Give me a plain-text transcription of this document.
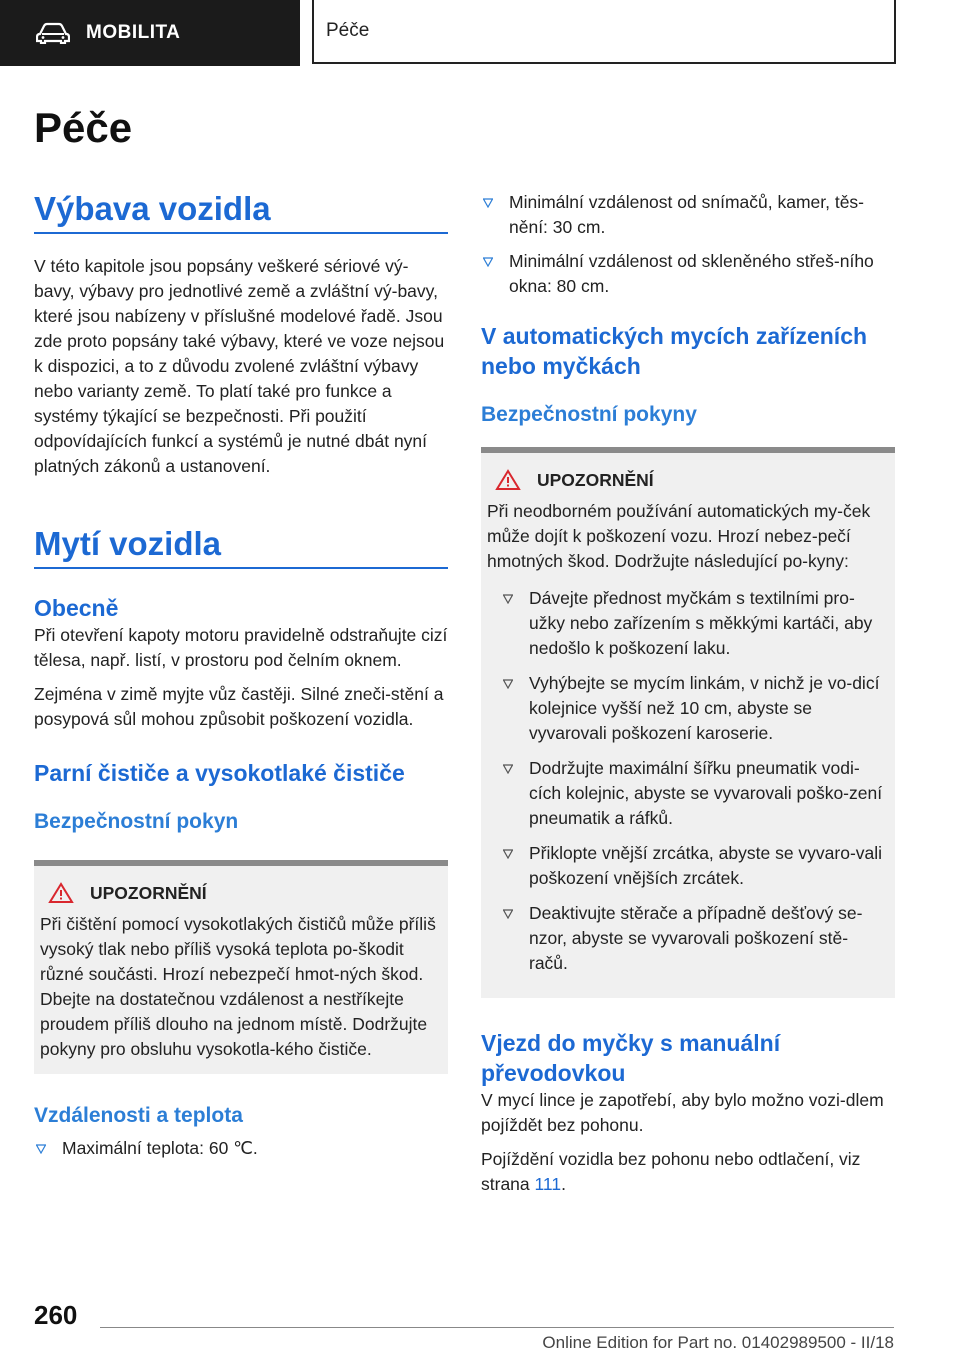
MOBILITA	Péče
Péče
Výbava vozidla

V této kapitole jsou popsány veškeré sériové vý-bavy, výbavy pro jednotlivé země a zvláštní vý-bavy, které jsou nabízeny v příslušné modelové řadě. Jsou zde proto popsány také výbavy, které ve voze nejsou k dispozici, a to z důvodu zvolené zvláštní výbavy nebo varianty země. To platí také pro funkce a systémy týkající se bezpečnosti. Při použití odpovídajících funkcí a systémů je nutné dbát nyní platných zákonů a ustanovení.

Mytí vozidla
Obecně

Při otevření kapoty motoru pravidelně odstraňujte cizí tělesa, např. listí, v prostoru pod čelním oknem.

Zejména v zimě myjte vůz častěji. Silné zneči-stění a posypová sůl mohou způsobit poškození vozidla.

Parní čističe a vysokotlaké čističe
Bezpečnostní pokyn
UPOZORNĚNÍ

Při čištění pomocí vysokotlakých čističů může příliš vysoký tlak nebo příliš vysoká teplota po-škodit různé součásti. Hrozí nebezpečí hmot-ných škod. Dbejte na dostatečnou vzdálenost a nestříkejte proudem příliš dlouho na jednom místě. Dodržujte pokyny pro obsluhu vysokotla-kého čističe.

Vzdálenosti a teplota
Maximální teplota: 60 ℃.
Minimální vzdálenost od snímačů, kamer, těs-nění: 30 cm.
Minimální vzdálenost od skleněného střeš-ního okna: 80 cm.
V automatických mycích zařízeních nebo myčkách
Bezpečnostní pokyny
UPOZORNĚNÍ

Při neodborném používání automatických my-ček může dojít k poškození vozu. Hrozí nebez-pečí hmotných škod. Dodržujte následující po-kyny:

Dávejte přednost myčkám s textilními pro-užky nebo zařízením s měkkými kartáči, aby nedošlo k poškození laku.
Vyhýbejte se mycím linkám, v nichž je vo-dicí kolejnice vyšší než 10 cm, abyste se vyvarovali poškození karoserie.
Dodržujte maximální šířku pneumatik vodi-cích kolejnic, abyste se vyvarovali poško-zení pneumatik a ráfků.
Přiklopte vnější zrcátka, abyste se vyvaro-vali poškození vnějších zrcátek.
Deaktivujte stěrače a případně dešťový se-nzor, abyste se vyvarovali poškození stě-račů.
Vjezd do myčky s manuální převodovkou

V mycí lince je zapotřebí, aby bylo možno vozi-dlem pojíždět bez pohonu.

Pojíždění vozidla bez pohonu nebo odtlačení, viz strana 111.

260
Online Edition for Part no. 01402989500 - II/18
